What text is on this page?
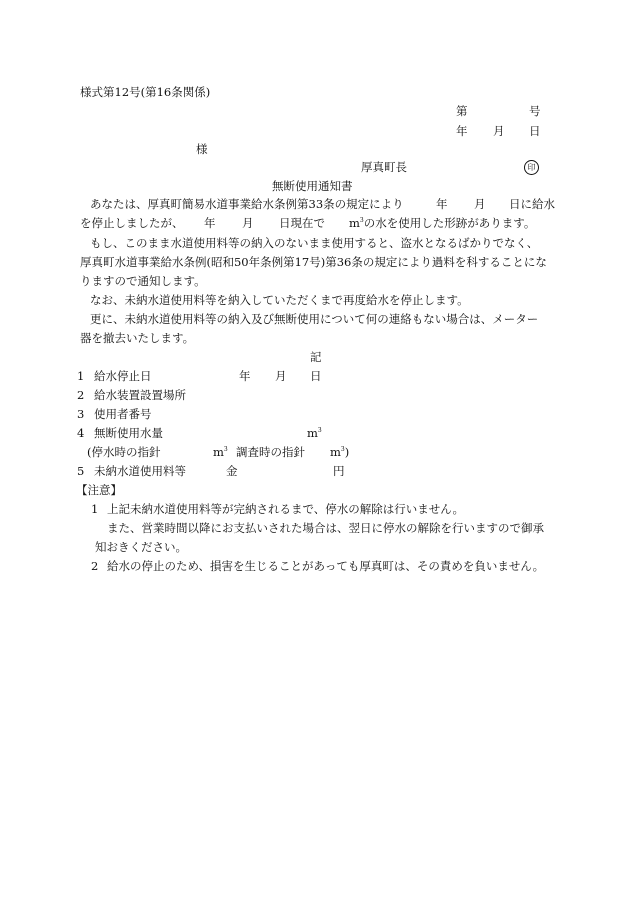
様式第12号(第16条関係)
第	号
年 月 日
様
厚真町長	印
無断使用通知書
あなたは、厚真町簡易水道事業給水条例第33条の規定により	年 月 日に給水
を停止しましたが、 年 月 日現在で $m^3$の水を使用した形跡があります。
もし、このまま水道使用料等の納入のないまま使用すると、盗水となるばかりでなく、
厚真町水道事業給水条例(昭和50年条例第17号)第36条の規定により過料を科することにな
りますので通知します。
なお、未納水道使用料等を納入していただくまで再度給水を停止します。
更に、未納水道使用料等の納入及び無断使用について何の連絡もない場合は、メーター
器を撤去いたします。
記
1 給水停止日	年 月 日
2 給水装置設置場所
3 使用者番号
4 無断使用水量	$m^3$
(停水時の指針	$m^3$ 調査時の指針 $m^3$)
5 未納水道使用料等	金	円
【注意】
1 上記未納水道使用料等が完納されるまで、停水の解除は行いません。
また、営業時間以降にお支払いされた場合は、翌日に停水の解除を行いますので御承
知おきください。
2 給水の停止のため、損害を生じることがあっても厚真町は、その責めを負いません。
